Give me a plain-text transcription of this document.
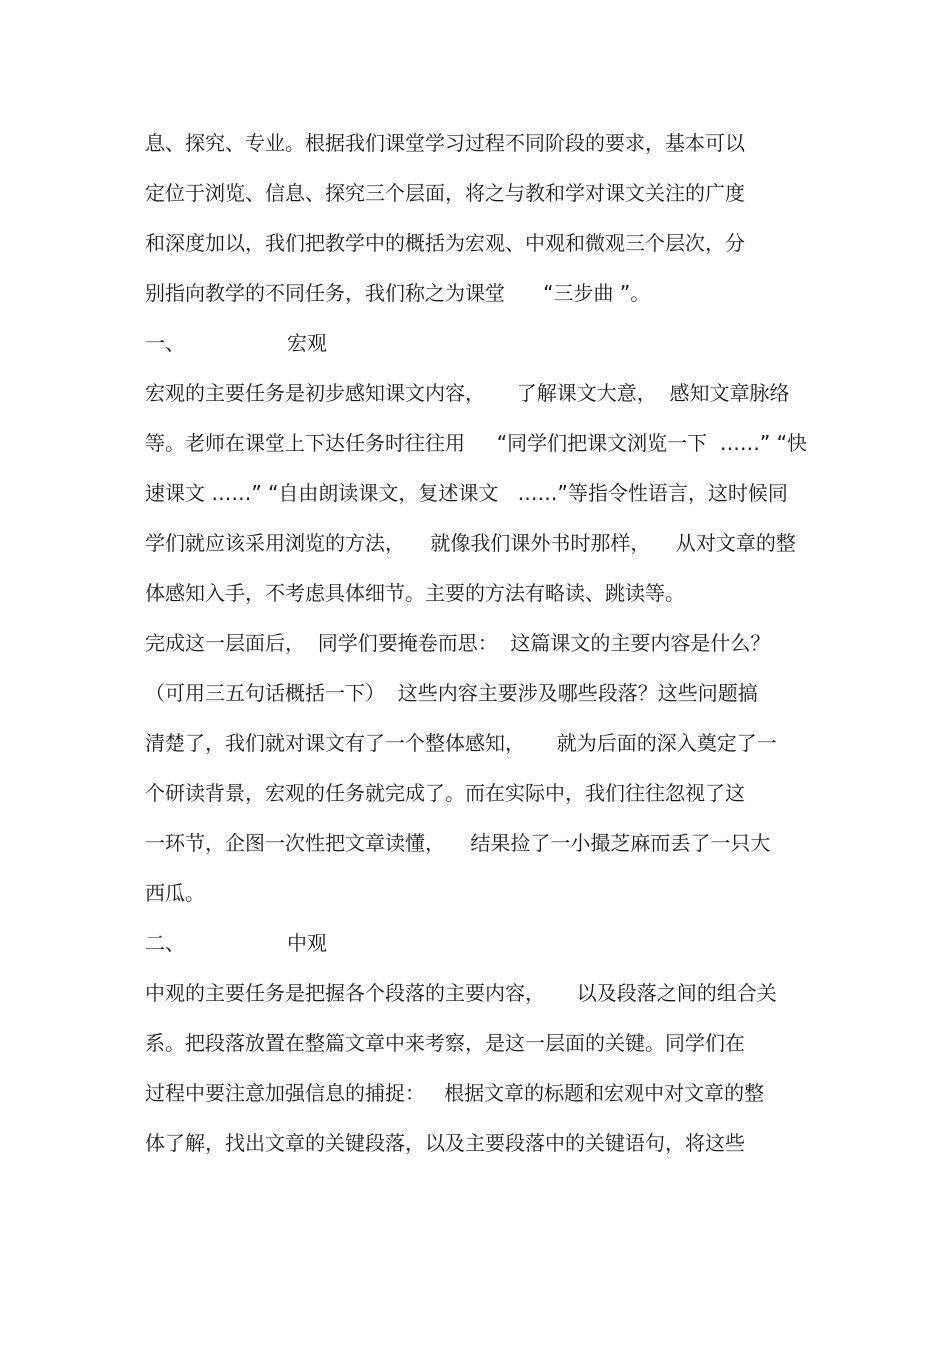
息、探究、专业。根据我们课堂学习过程不同阶段的要求，基本可以
定位于浏览、信息、探究三个层面，将之与教和学对课文关注的广度
和深度加以，我们把教学中的概括为宏观、中观和微观三个层次，分
别指向教学的不同任务，我们称之为课堂      “三步曲 ”。
一、	宏观
宏观的主要任务是初步感知课文内容，     了解课文大意，  感知文章脉络
等。老师在课堂上下达任务时往往用     “同学们把课文浏览一下  ……” “快
速课文 ……” “自由朗读课文，复述课文   ……”等指令性语言，这时候同
学们就应该采用浏览的方法，    就像我们课外书时那样，    从对文章的整
体感知入手，不考虑具体细节。主要的方法有略读、跳读等。
完成这一层面后，  同学们要掩卷而思：  这篇课文的主要内容是什么？
（可用三五句话概括一下）  这些内容主要涉及哪些段落？这些问题搞
清楚了，我们就对课文有了一个整体感知，     就为后面的深入奠定了一
个研读背景，宏观的任务就完成了。而在实际中，我们往往忽视了这
一环节，企图一次性把文章读懂，    结果捡了一小撮芝麻而丢了一只大
西瓜。
二、	中观
中观的主要任务是把握各个段落的主要内容，     以及段落之间的组合关
系。把段落放置在整篇文章中来考察，是这一层面的关键。同学们在
过程中要注意加强信息的捕捉：   根据文章的标题和宏观中对文章的整
体了解，找出文章的关键段落，以及主要段落中的关键语句，将这些
